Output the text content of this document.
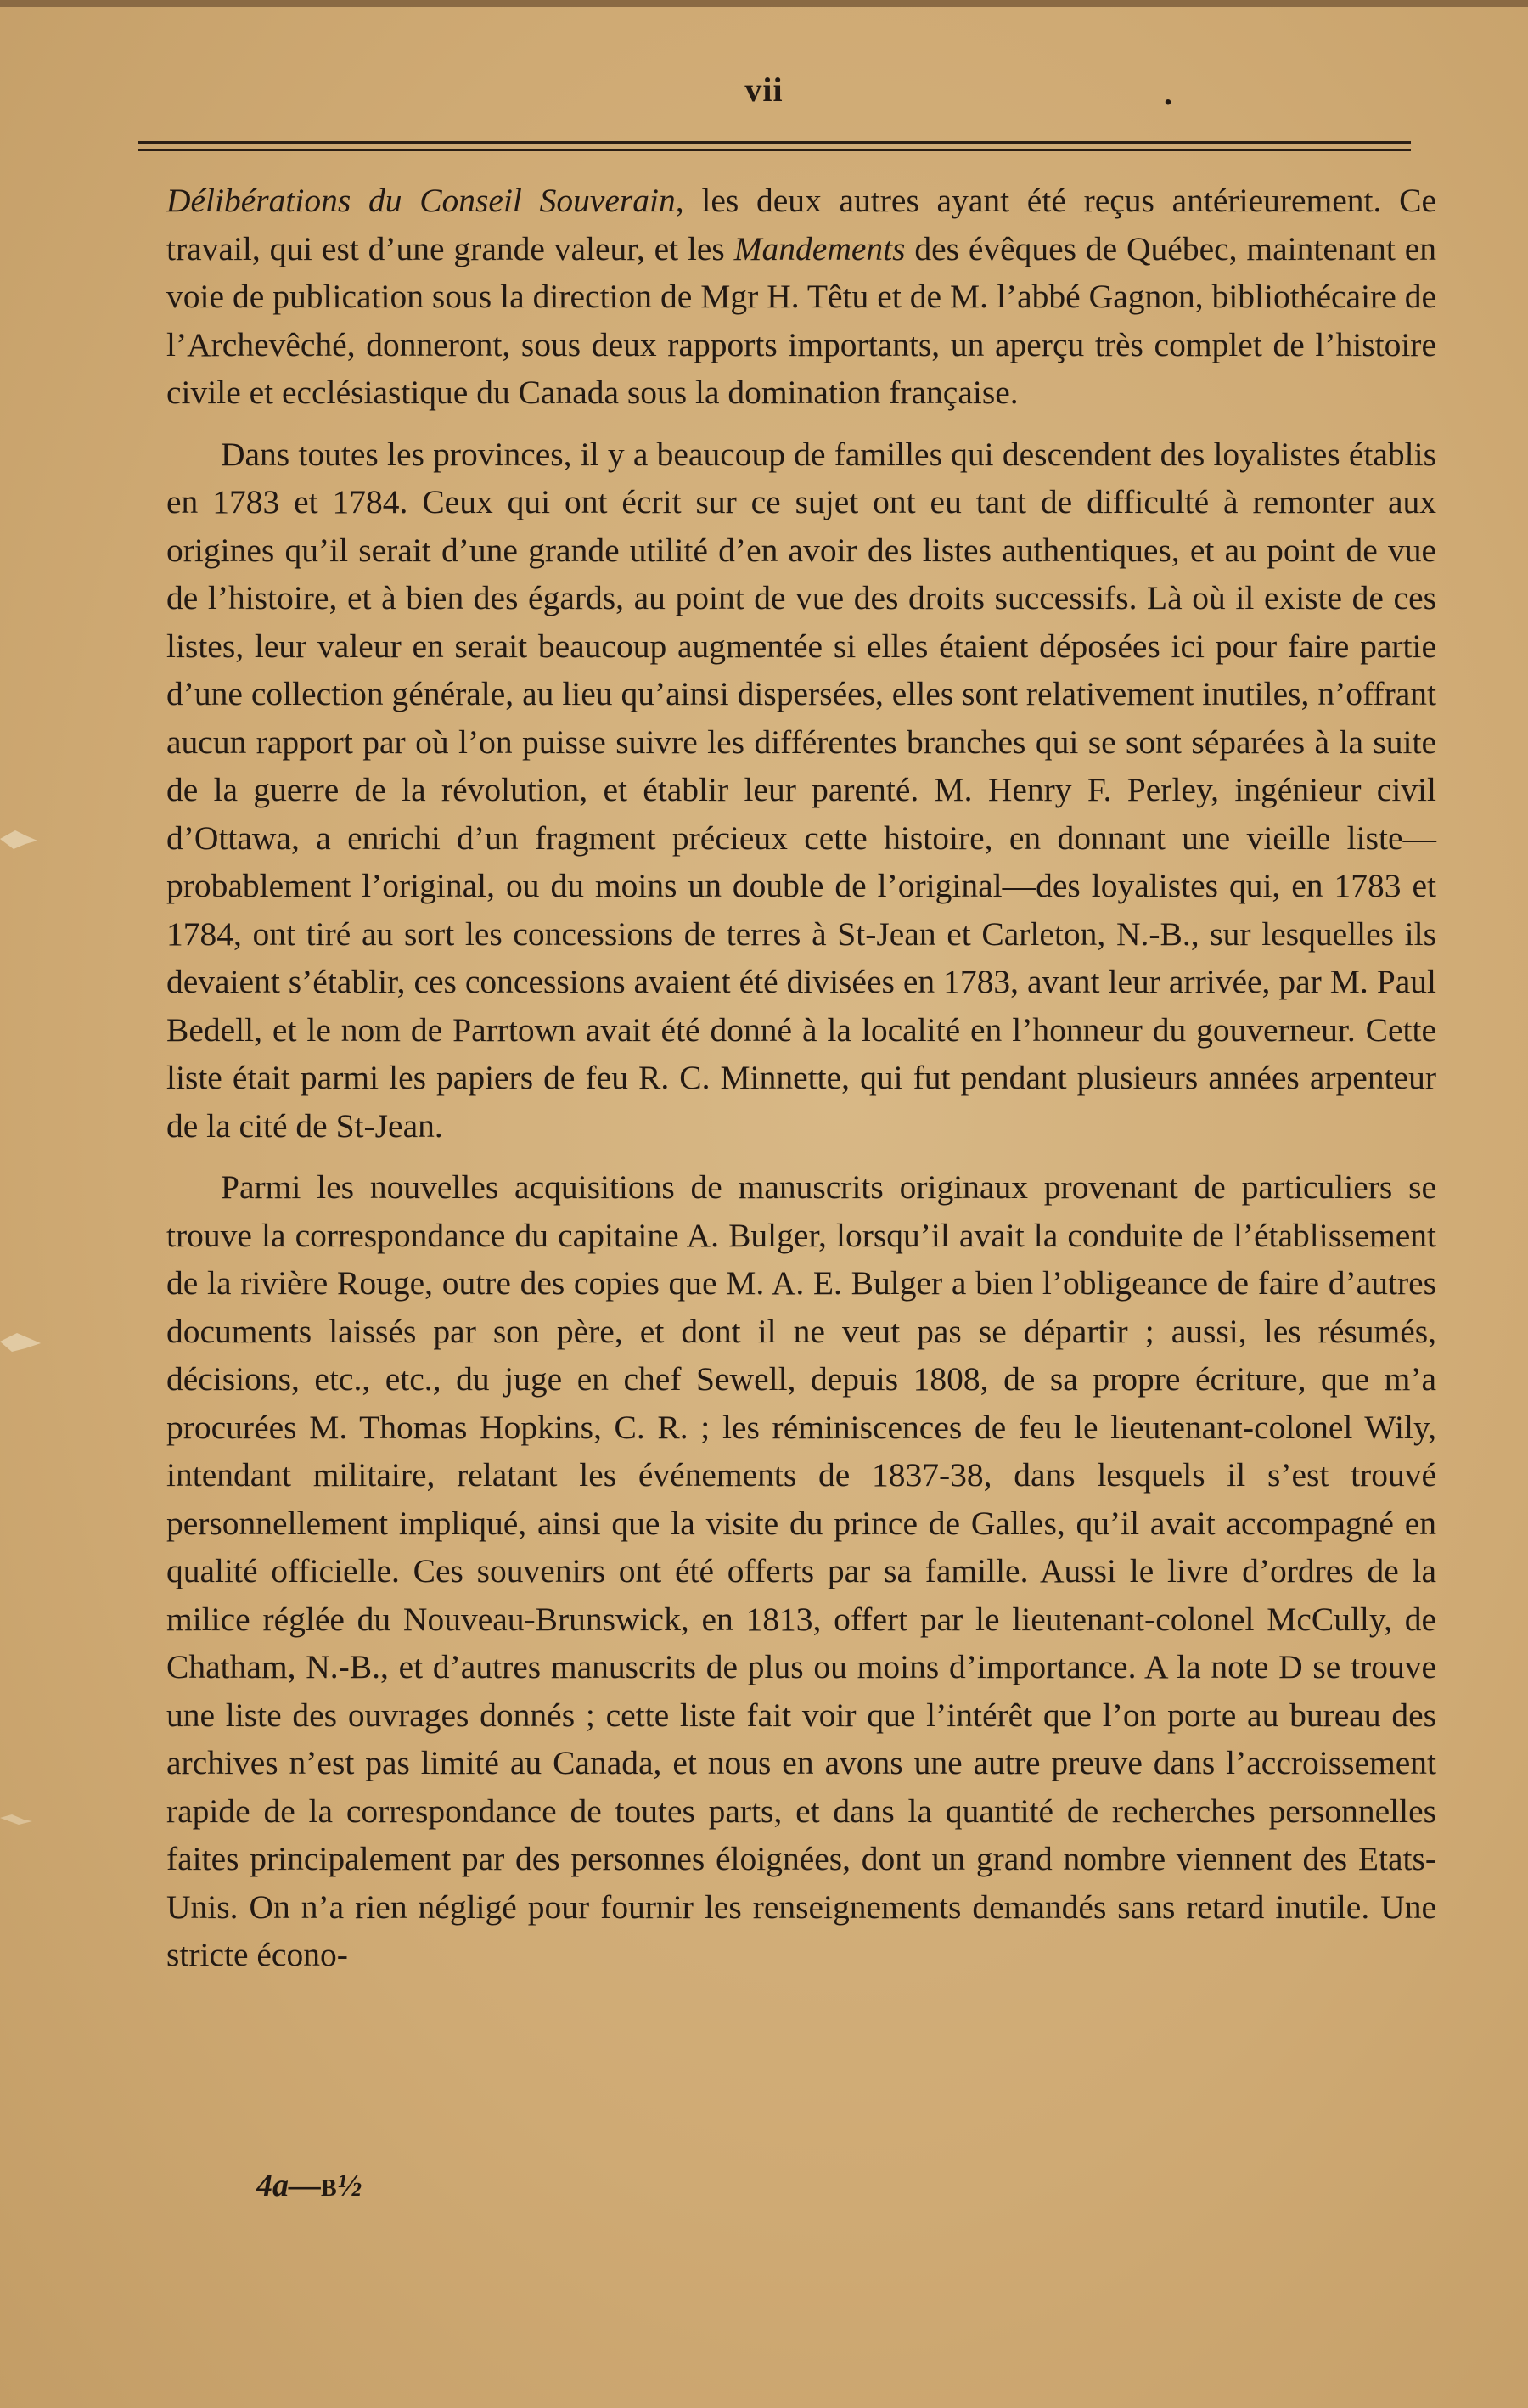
vii	.

Délibérations du Conseil Souverain, les deux autres ayant été reçus antérieurement. Ce travail, qui est d’une grande valeur, et les Mandements des évêques de Québec, maintenant en voie de publication sous la direction de Mgr H. Têtu et de M. l’abbé Gagnon, bibliothécaire de l’Archevêché, donneront, sous deux rapports importants, un aperçu très complet de l’histoire civile et ecclésiastique du Canada sous la domination française.

Dans toutes les provinces, il y a beaucoup de familles qui descendent des loyalistes établis en 1783 et 1784. Ceux qui ont écrit sur ce sujet ont eu tant de difficulté à remonter aux origines qu’il serait d’une grande utilité d’en avoir des listes authentiques, et au point de vue de l’histoire, et à bien des égards, au point de vue des droits successifs. Là où il existe de ces listes, leur valeur en serait beaucoup augmentée si elles étaient déposées ici pour faire partie d’une collection générale, au lieu qu’ainsi dispersées, elles sont relativement inutiles, n’offrant aucun rapport par où l’on puisse suivre les différentes branches qui se sont séparées à la suite de la guerre de la révolution, et établir leur parenté. M. Henry F. Perley, ingénieur civil d’Ottawa, a enrichi d’un fragment précieux cette histoire, en donnant une vieille liste—probablement l’original, ou du moins un double de l’original—des loyalistes qui, en 1783 et 1784, ont tiré au sort les concessions de terres à St-Jean et Carleton, N.-B., sur lesquelles ils devaient s’établir, ces concessions avaient été divisées en 1783, avant leur arrivée, par M. Paul Bedell, et le nom de Parrtown avait été donné à la localité en l’honneur du gouverneur. Cette liste était parmi les papiers de feu R. C. Minnette, qui fut pendant plusieurs années arpenteur de la cité de St-Jean.

Parmi les nouvelles acquisitions de manuscrits originaux provenant de particuliers se trouve la correspondance du capitaine A. Bulger, lorsqu’il avait la conduite de l’établissement de la rivière Rouge, outre des copies que M. A. E. Bulger a bien l’obligeance de faire d’autres documents laissés par son père, et dont il ne veut pas se départir ; aussi, les résumés, décisions, etc., etc., du juge en chef Sewell, depuis 1808, de sa propre écriture, que m’a procurées M. Thomas Hopkins, C. R. ; les réminiscences de feu le lieutenant-colonel Wily, intendant militaire, relatant les événements de 1837-38, dans lesquels il s’est trouvé personnellement impliqué, ainsi que la visite du prince de Galles, qu’il avait accompagné en qualité officielle. Ces souvenirs ont été offerts par sa famille. Aussi le livre d’ordres de la milice réglée du Nouveau-Brunswick, en 1813, offert par le lieutenant-colonel McCully, de Chatham, N.-B., et d’autres manuscrits de plus ou moins d’importance. A la note D se trouve une liste des ouvrages donnés ; cette liste fait voir que l’intérêt que l’on porte au bureau des archives n’est pas limité au Canada, et nous en avons une autre preuve dans l’accroissement rapide de la correspondance de toutes parts, et dans la quantité de recherches personnelles faites principalement par des personnes éloignées, dont un grand nombre viennent des Etats-Unis. On n’a rien négligé pour fournir les renseignements demandés sans retard inutile. Une stricte écono-

4a—B½
